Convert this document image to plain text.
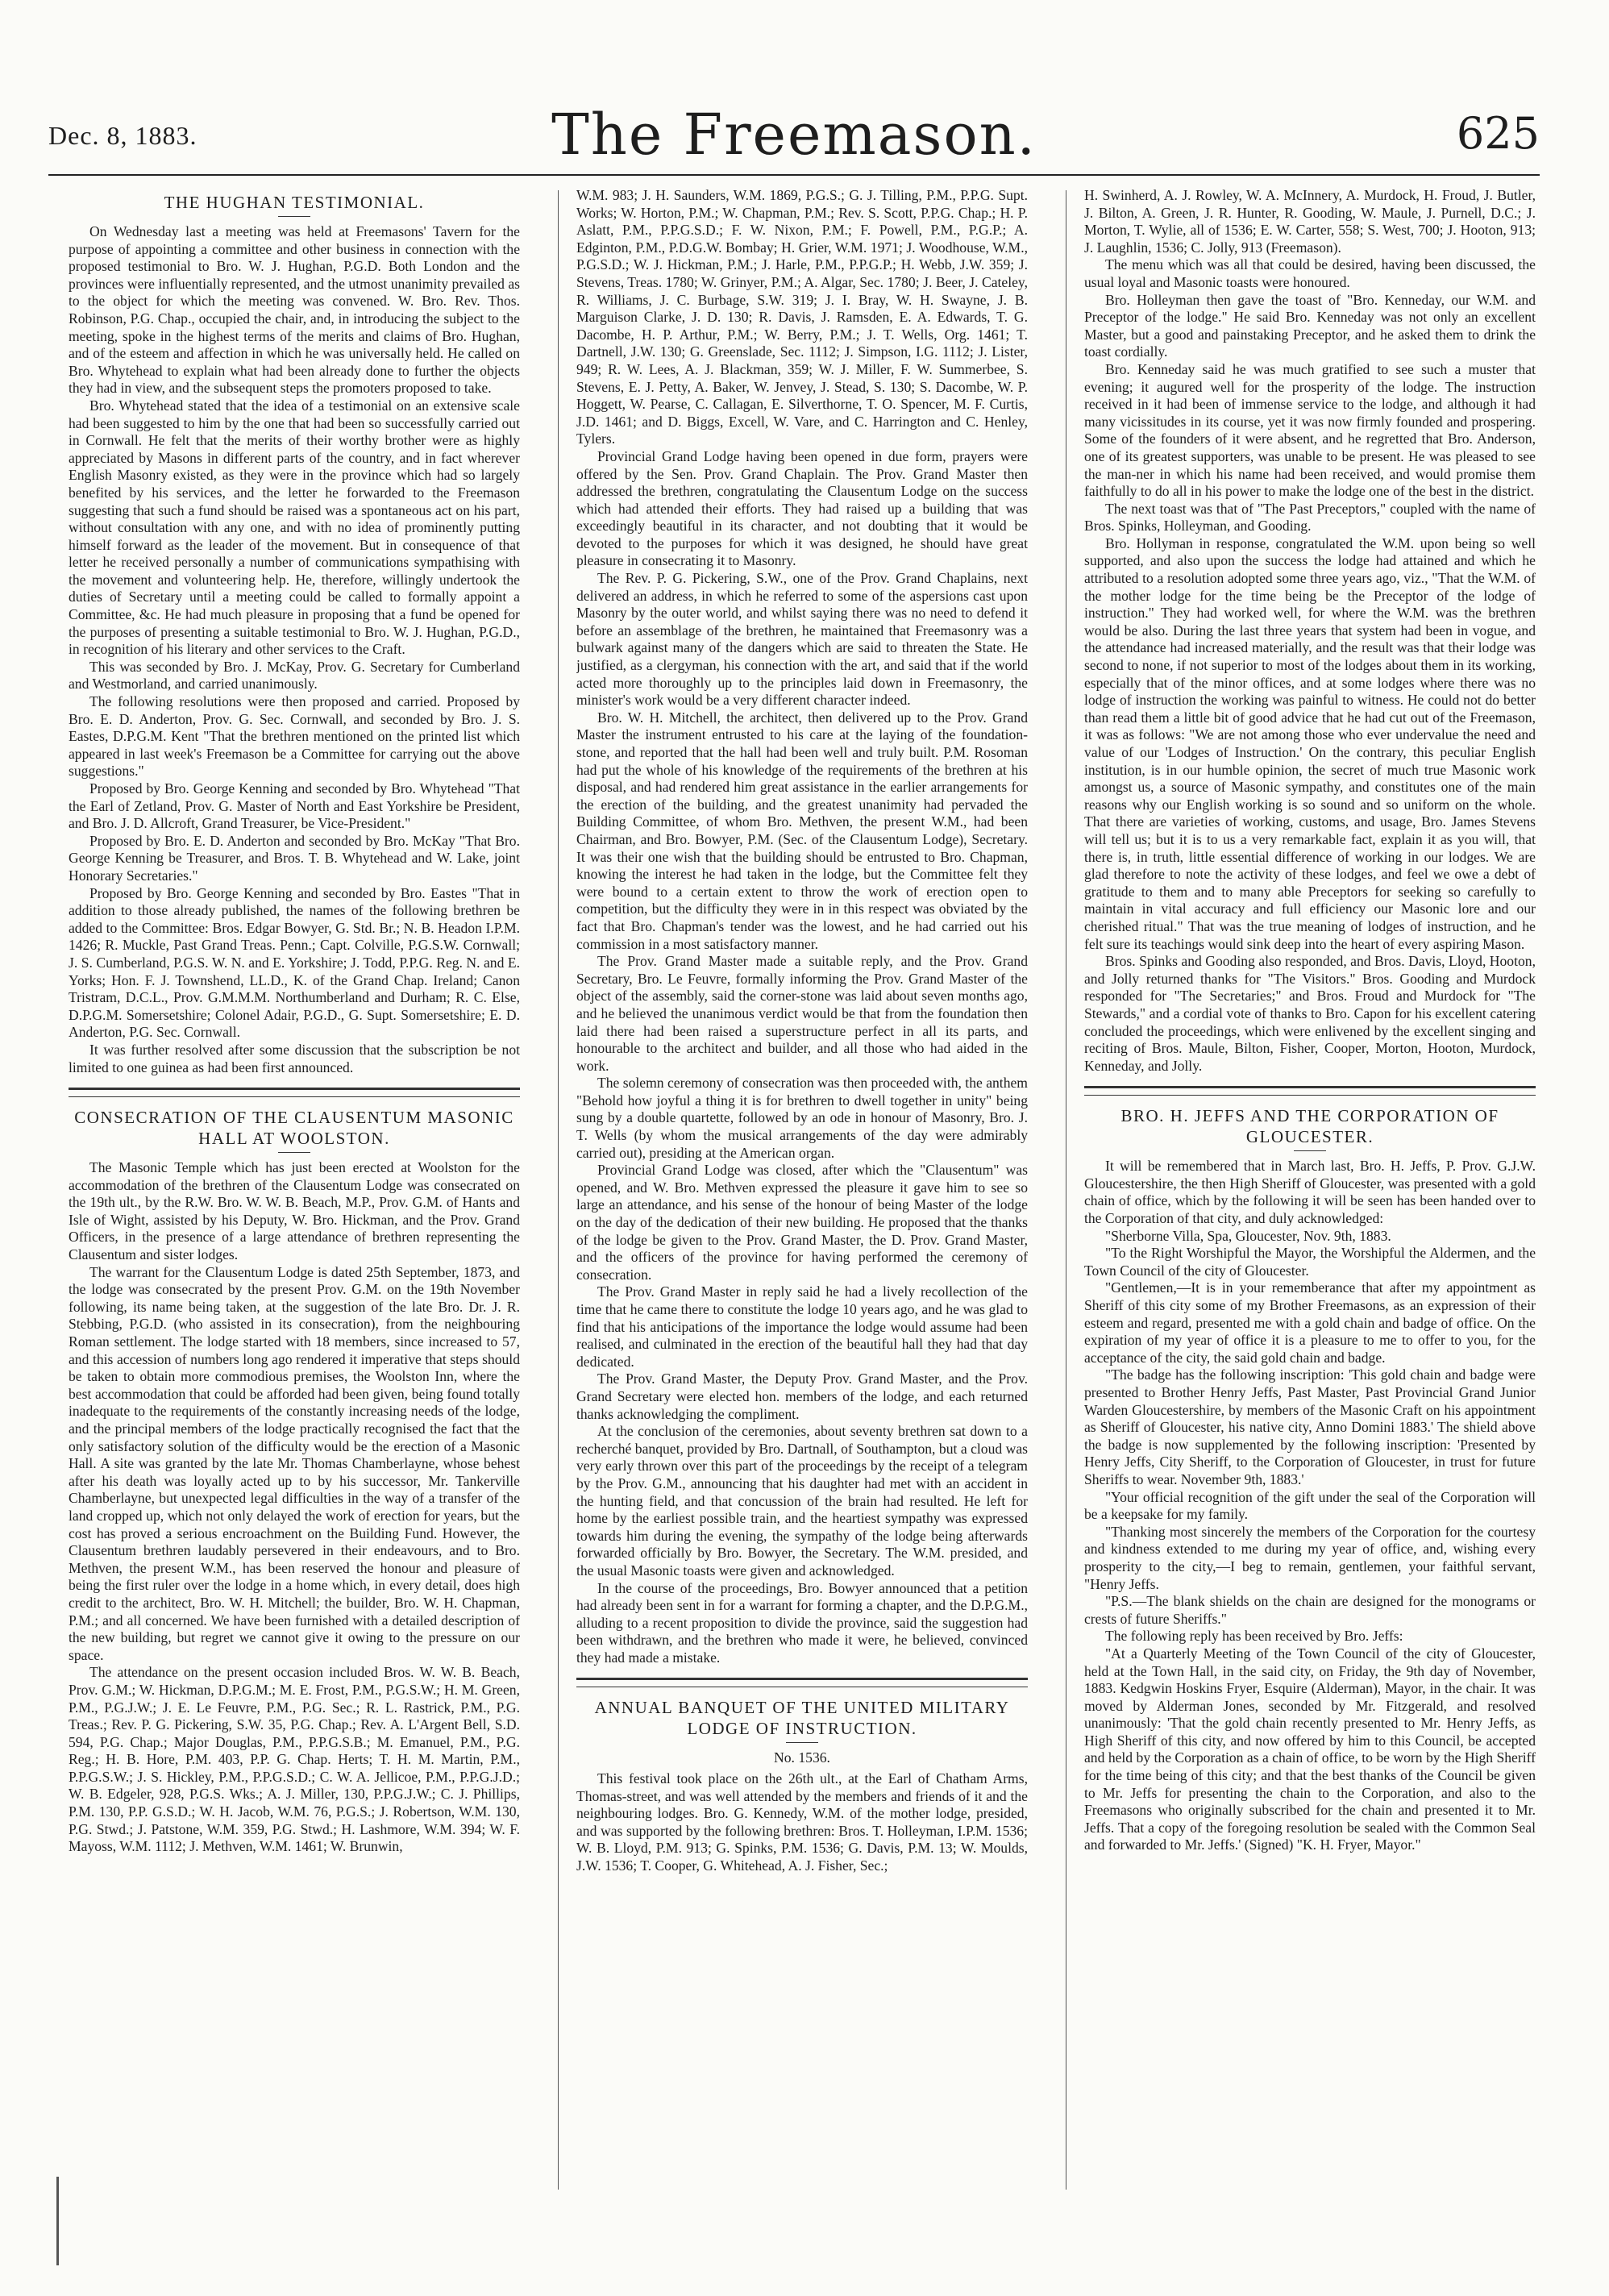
Dec. 8, 1883.	The Freemason.	625
THE HUGHAN TESTIMONIAL.

On Wednesday last a meeting was held at Freemasons' Tavern for the purpose of appointing a committee and other business in connection with the proposed testimonial to Bro. W. J. Hughan, P.G.D. Both London and the provinces were influentially represented, and the utmost unanimity prevailed as to the object for which the meeting was convened. W. Bro. Rev. Thos. Robinson, P.G. Chap., occupied the chair, and, in introducing the subject to the meeting, spoke in the highest terms of the merits and claims of Bro. Hughan, and of the esteem and affection in which he was universally held. He called on Bro. Whytehead to explain what had been already done to further the objects they had in view, and the subsequent steps the promoters proposed to take.

Bro. Whytehead stated that the idea of a testimonial on an extensive scale had been suggested to him by the one that had been so successfully carried out in Cornwall. He felt that the merits of their worthy brother were as highly appreciated by Masons in different parts of the country, and in fact wherever English Masonry existed, as they were in the province which had so largely benefited by his services, and the letter he forwarded to the Freemason suggesting that such a fund should be raised was a spontaneous act on his part, without consultation with any one, and with no idea of prominently putting himself forward as the leader of the movement. But in consequence of that letter he received personally a number of communications sympathising with the movement and volunteering help. He, therefore, willingly undertook the duties of Secretary until a meeting could be called to formally appoint a Committee, &c. He had much pleasure in proposing that a fund be opened for the purposes of presenting a suitable testimonial to Bro. W. J. Hughan, P.G.D., in recognition of his literary and other services to the Craft.

This was seconded by Bro. J. McKay, Prov. G. Secretary for Cumberland and Westmorland, and carried unanimously.

The following resolutions were then proposed and carried. Proposed by Bro. E. D. Anderton, Prov. G. Sec. Cornwall, and seconded by Bro. J. S. Eastes, D.P.G.M. Kent "That the brethren mentioned on the printed list which appeared in last week's Freemason be a Committee for carrying out the above suggestions."

Proposed by Bro. George Kenning and seconded by Bro. Whytehead "That the Earl of Zetland, Prov. G. Master of North and East Yorkshire be President, and Bro. J. D. Allcroft, Grand Treasurer, be Vice-President."

Proposed by Bro. E. D. Anderton and seconded by Bro. McKay "That Bro. George Kenning be Treasurer, and Bros. T. B. Whytehead and W. Lake, joint Honorary Secretaries."

Proposed by Bro. George Kenning and seconded by Bro. Eastes "That in addition to those already published, the names of the following brethren be added to the Committee: Bros. Edgar Bowyer, G. Std. Br.; N. B. Headon I.P.M. 1426; R. Muckle, Past Grand Treas. Penn.; Capt. Colville, P.G.S.W. Cornwall; J. S. Cumberland, P.G.S. W. N. and E. Yorkshire; J. Todd, P.P.G. Reg. N. and E. Yorks; Hon. F. J. Townshend, LL.D., K. of the Grand Chap. Ireland; Canon Tristram, D.C.L., Prov. G.M.M.M. Northumberland and Durham; R. C. Else, D.P.G.M. Somersetshire; Colonel Adair, P.G.D., G. Supt. Somersetshire; E. D. Anderton, P.G. Sec. Cornwall.

It was further resolved after some discussion that the subscription be not limited to one guinea as had been first announced.

CONSECRATION OF THE CLAUSENTUM MASONIC HALL AT WOOLSTON.

The Masonic Temple which has just been erected at Woolston for the accommodation of the brethren of the Clausentum Lodge was consecrated on the 19th ult., by the R.W. Bro. W. W. B. Beach, M.P., Prov. G.M. of Hants and Isle of Wight, assisted by his Deputy, W. Bro. Hickman, and the Prov. Grand Officers, in the presence of a large attendance of brethren representing the Clausentum and sister lodges.

The warrant for the Clausentum Lodge is dated 25th September, 1873, and the lodge was consecrated by the present Prov. G.M. on the 19th November following, its name being taken, at the suggestion of the late Bro. Dr. J. R. Stebbing, P.G.D. (who assisted in its consecration), from the neighbouring Roman settlement. The lodge started with 18 members, since increased to 57, and this accession of numbers long ago rendered it imperative that steps should be taken to obtain more commodious premises, the Woolston Inn, where the best accommodation that could be afforded had been given, being found totally inadequate to the requirements of the constantly increasing needs of the lodge, and the principal members of the lodge practically recognised the fact that the only satisfactory solution of the difficulty would be the erection of a Masonic Hall. A site was granted by the late Mr. Thomas Chamberlayne, whose behest after his death was loyally acted up to by his successor, Mr. Tankerville Chamberlayne, but unexpected legal difficulties in the way of a transfer of the land cropped up, which not only delayed the work of erection for years, but the cost has proved a serious encroachment on the Building Fund. However, the Clausentum brethren laudably persevered in their endeavours, and to Bro. Methven, the present W.M., has been reserved the honour and pleasure of being the first ruler over the lodge in a home which, in every detail, does high credit to the architect, Bro. W. H. Mitchell; the builder, Bro. W. H. Chapman, P.M.; and all concerned. We have been furnished with a detailed description of the new building, but regret we cannot give it owing to the pressure on our space.

The attendance on the present occasion included Bros. W. W. B. Beach, Prov. G.M.; W. Hickman, D.P.G.M.; M. E. Frost, P.M., P.G.S.W.; H. M. Green, P.M., P.G.J.W.; J. E. Le Feuvre, P.M., P.G. Sec.; R. L. Rastrick, P.M., P.G. Treas.; Rev. P. G. Pickering, S.W. 35, P.G. Chap.; Rev. A. L'Argent Bell, S.D. 594, P.G. Chap.; Major Douglas, P.M., P.P.G.S.B.; M. Emanuel, P.M., P.G. Reg.; H. B. Hore, P.M. 403, P.P. G. Chap. Herts; T. H. M. Martin, P.M., P.P.G.S.W.; J. S. Hickley, P.M., P.P.G.S.D.; C. W. A. Jellicoe, P.M., P.P.G.J.D.; W. B. Edgeler, 928, P.G.S. Wks.; A. J. Miller, 130, P.P.G.J.W.; C. J. Phillips, P.M. 130, P.P. G.S.D.; W. H. Jacob, W.M. 76, P.G.S.; J. Robertson, W.M. 130, P.G. Stwd.; J. Patstone, W.M. 359, P.G. Stwd.; H. Lashmore, W.M. 394; W. F. Mayoss, W.M. 1112; J. Methven, W.M. 1461; W. Brunwin,

W.M. 983; J. H. Saunders, W.M. 1869, P.G.S.; G. J. Tilling, P.M., P.P.G. Supt. Works; W. Horton, P.M.; W. Chapman, P.M.; Rev. S. Scott, P.P.G. Chap.; H. P. Aslatt, P.M., P.P.G.S.D.; F. W. Nixon, P.M.; F. Powell, P.M., P.G.P.; A. Edginton, P.M., P.D.G.W. Bombay; H. Grier, W.M. 1971; J. Woodhouse, W.M., P.G.S.D.; W. J. Hickman, P.M.; J. Harle, P.M., P.P.G.P.; H. Webb, J.W. 359; J. Stevens, Treas. 1780; W. Grinyer, P.M.; A. Algar, Sec. 1780; J. Beer, J. Cateley, R. Williams, J. C. Burbage, S.W. 319; J. I. Bray, W. H. Swayne, J. B. Marguison Clarke, J. D. 130; R. Davis, J. Ramsden, E. A. Edwards, T. G. Dacombe, H. P. Arthur, P.M.; W. Berry, P.M.; J. T. Wells, Org. 1461; T. Dartnell, J.W. 130; G. Greenslade, Sec. 1112; J. Simpson, I.G. 1112; J. Lister, 949; R. W. Lees, A. J. Blackman, 359; W. J. Miller, F. W. Summerbee, S. Stevens, E. J. Petty, A. Baker, W. Jenvey, J. Stead, S. 130; S. Dacombe, W. P. Hoggett, W. Pearse, C. Callagan, E. Silverthorne, T. O. Spencer, M. F. Curtis, J.D. 1461; and D. Biggs, Excell, W. Vare, and C. Harrington and C. Henley, Tylers.

Provincial Grand Lodge having been opened in due form, prayers were offered by the Sen. Prov. Grand Chaplain. The Prov. Grand Master then addressed the brethren, congratulating the Clausentum Lodge on the success which had attended their efforts. They had raised up a building that was exceedingly beautiful in its character, and not doubting that it would be devoted to the purposes for which it was designed, he should have great pleasure in consecrating it to Masonry.

The Rev. P. G. Pickering, S.W., one of the Prov. Grand Chaplains, next delivered an address, in which he referred to some of the aspersions cast upon Masonry by the outer world, and whilst saying there was no need to defend it before an assemblage of the brethren, he maintained that Freemasonry was a bulwark against many of the dangers which are said to threaten the State. He justified, as a clergyman, his connection with the art, and said that if the world acted more thoroughly up to the principles laid down in Freemasonry, the minister's work would be a very different character indeed.

Bro. W. H. Mitchell, the architect, then delivered up to the Prov. Grand Master the instrument entrusted to his care at the laying of the foundation-stone, and reported that the hall had been well and truly built. P.M. Rosoman had put the whole of his knowledge of the requirements of the brethren at his disposal, and had rendered him great assistance in the earlier arrangements for the erection of the building, and the greatest unanimity had pervaded the Building Committee, of whom Bro. Methven, the present W.M., had been Chairman, and Bro. Bowyer, P.M. (Sec. of the Clausentum Lodge), Secretary. It was their one wish that the building should be entrusted to Bro. Chapman, knowing the interest he had taken in the lodge, but the Committee felt they were bound to a certain extent to throw the work of erection open to competition, but the difficulty they were in in this respect was obviated by the fact that Bro. Chapman's tender was the lowest, and he had carried out his commission in a most satisfactory manner.

The Prov. Grand Master made a suitable reply, and the Prov. Grand Secretary, Bro. Le Feuvre, formally informing the Prov. Grand Master of the object of the assembly, said the corner-stone was laid about seven months ago, and he believed the unanimous verdict would be that from the foundation then laid there had been raised a superstructure perfect in all its parts, and honourable to the architect and builder, and all those who had aided in the work.

The solemn ceremony of consecration was then proceeded with, the anthem "Behold how joyful a thing it is for brethren to dwell together in unity" being sung by a double quartette, followed by an ode in honour of Masonry, Bro. J. T. Wells (by whom the musical arrangements of the day were admirably carried out), presiding at the American organ.

Provincial Grand Lodge was closed, after which the "Clausentum" was opened, and W. Bro. Methven expressed the pleasure it gave him to see so large an attendance, and his sense of the honour of being Master of the lodge on the day of the dedication of their new building. He proposed that the thanks of the lodge be given to the Prov. Grand Master, the D. Prov. Grand Master, and the officers of the province for having performed the ceremony of consecration.

The Prov. Grand Master in reply said he had a lively recollection of the time that he came there to constitute the lodge 10 years ago, and he was glad to find that his anticipations of the importance the lodge would assume had been realised, and culminated in the erection of the beautiful hall they had that day dedicated.

The Prov. Grand Master, the Deputy Prov. Grand Master, and the Prov. Grand Secretary were elected hon. members of the lodge, and each returned thanks acknowledging the compliment.

At the conclusion of the ceremonies, about seventy brethren sat down to a recherché banquet, provided by Bro. Dartnall, of Southampton, but a cloud was very early thrown over this part of the proceedings by the receipt of a telegram by the Prov. G.M., announcing that his daughter had met with an accident in the hunting field, and that concussion of the brain had resulted. He left for home by the earliest possible train, and the heartiest sympathy was expressed towards him during the evening, the sympathy of the lodge being afterwards forwarded officially by Bro. Bowyer, the Secretary. The W.M. presided, and the usual Masonic toasts were given and acknowledged.

In the course of the proceedings, Bro. Bowyer announced that a petition had already been sent in for a warrant for forming a chapter, and the D.P.G.M., alluding to a recent proposition to divide the province, said the suggestion had been withdrawn, and the brethren who made it were, he believed, convinced they had made a mistake.

ANNUAL BANQUET OF THE UNITED MILITARY LODGE OF INSTRUCTION.
No. 1536.

This festival took place on the 26th ult., at the Earl of Chatham Arms, Thomas-street, and was well attended by the members and friends of it and the neighbouring lodges. Bro. G. Kennedy, W.M. of the mother lodge, presided, and was supported by the following brethren: Bros. T. Holleyman, I.P.M. 1536; W. B. Lloyd, P.M. 913; G. Spinks, P.M. 1536; G. Davis, P.M. 13; W. Moulds, J.W. 1536; T. Cooper, G. Whitehead, A. J. Fisher, Sec.;

H. Swinherd, A. J. Rowley, W. A. McInnery, A. Murdock, H. Froud, J. Butler, J. Bilton, A. Green, J. R. Hunter, R. Gooding, W. Maule, J. Purnell, D.C.; J. Morton, T. Wylie, all of 1536; E. W. Carter, 558; S. West, 700; J. Hooton, 913; J. Laughlin, 1536; C. Jolly, 913 (Freemason).

The menu which was all that could be desired, having been discussed, the usual loyal and Masonic toasts were honoured.

Bro. Holleyman then gave the toast of "Bro. Kenneday, our W.M. and Preceptor of the lodge." He said Bro. Kenneday was not only an excellent Master, but a good and painstaking Preceptor, and he asked them to drink the toast cordially.

Bro. Kenneday said he was much gratified to see such a muster that evening; it augured well for the prosperity of the lodge. The instruction received in it had been of immense service to the lodge, and although it had many vicissitudes in its course, yet it was now firmly founded and prospering. Some of the founders of it were absent, and he regretted that Bro. Anderson, one of its greatest supporters, was unable to be present. He was pleased to see the man-ner in which his name had been received, and would promise them faithfully to do all in his power to make the lodge one of the best in the district.

The next toast was that of "The Past Preceptors," coupled with the name of Bros. Spinks, Holleyman, and Gooding.

Bro. Hollyman in response, congratulated the W.M. upon being so well supported, and also upon the success the lodge had attained and which he attributed to a resolution adopted some three years ago, viz., "That the W.M. of the mother lodge for the time being be the Preceptor of the lodge of instruction." They had worked well, for where the W.M. was the brethren would be also. During the last three years that system had been in vogue, and the attendance had increased materially, and the result was that their lodge was second to none, if not superior to most of the lodges about them in its working, especially that of the minor offices, and at some lodges where there was no lodge of instruction the working was painful to witness. He could not do better than read them a little bit of good advice that he had cut out of the Freemason, it was as follows: "We are not among those who ever undervalue the need and value of our 'Lodges of Instruction.' On the contrary, this peculiar English institution, is in our humble opinion, the secret of much true Masonic work amongst us, a source of Masonic sympathy, and constitutes one of the main reasons why our English working is so sound and so uniform on the whole. That there are varieties of working, customs, and usage, Bro. James Stevens will tell us; but it is to us a very remarkable fact, explain it as you will, that there is, in truth, little essential difference of working in our lodges. We are glad therefore to note the activity of these lodges, and feel we owe a debt of gratitude to them and to many able Preceptors for seeking so carefully to maintain in vital accuracy and full efficiency our Masonic lore and our cherished ritual." That was the true meaning of lodges of instruction, and he felt sure its teachings would sink deep into the heart of every aspiring Mason.

Bros. Spinks and Gooding also responded, and Bros. Davis, Lloyd, Hooton, and Jolly returned thanks for "The Visitors." Bros. Gooding and Murdock responded for "The Secretaries;" and Bros. Froud and Murdock for "The Stewards," and a cordial vote of thanks to Bro. Capon for his excellent catering concluded the proceedings, which were enlivened by the excellent singing and reciting of Bros. Maule, Bilton, Fisher, Cooper, Morton, Hooton, Murdock, Kenneday, and Jolly.

BRO. H. JEFFS AND THE CORPORATION OF GLOUCESTER.

It will be remembered that in March last, Bro. H. Jeffs, P. Prov. G.J.W. Gloucestershire, the then High Sheriff of Gloucester, was presented with a gold chain of office, which by the following it will be seen has been handed over to the Corporation of that city, and duly acknowledged:

"Sherborne Villa, Spa, Gloucester, Nov. 9th, 1883.

"To the Right Worshipful the Mayor, the Worshipful the Aldermen, and the Town Council of the city of Gloucester.

"Gentlemen,—It is in your rememberance that after my appointment as Sheriff of this city some of my Brother Freemasons, as an expression of their esteem and regard, presented me with a gold chain and badge of office. On the expiration of my year of office it is a pleasure to me to offer to you, for the acceptance of the city, the said gold chain and badge.

"The badge has the following inscription: 'This gold chain and badge were presented to Brother Henry Jeffs, Past Master, Past Provincial Grand Junior Warden Gloucestershire, by members of the Masonic Craft on his appointment as Sheriff of Gloucester, his native city, Anno Domini 1883.' The shield above the badge is now supplemented by the following inscription: 'Presented by Henry Jeffs, City Sheriff, to the Corporation of Gloucester, in trust for future Sheriffs to wear. November 9th, 1883.'

"Your official recognition of the gift under the seal of the Corporation will be a keepsake for my family.

"Thanking most sincerely the members of the Corporation for the courtesy and kindness extended to me during my year of office, and, wishing every prosperity to the city,—I beg to remain, gentlemen, your faithful servant, "Henry Jeffs.

"P.S.—The blank shields on the chain are designed for the monograms or crests of future Sheriffs."

The following reply has been received by Bro. Jeffs:

"At a Quarterly Meeting of the Town Council of the city of Gloucester, held at the Town Hall, in the said city, on Friday, the 9th day of November, 1883. Kedgwin Hoskins Fryer, Esquire (Alderman), Mayor, in the chair. It was moved by Alderman Jones, seconded by Mr. Fitzgerald, and resolved unanimously: 'That the gold chain recently presented to Mr. Henry Jeffs, as High Sheriff of this city, and now offered by him to this Council, be accepted and held by the Corporation as a chain of office, to be worn by the High Sheriff for the time being of this city; and that the best thanks of the Council be given to Mr. Jeffs for presenting the chain to the Corporation, and also to the Freemasons who originally subscribed for the chain and presented it to Mr. Jeffs. That a copy of the foregoing resolution be sealed with the Common Seal and forwarded to Mr. Jeffs.' (Signed) "K. H. Fryer, Mayor."
